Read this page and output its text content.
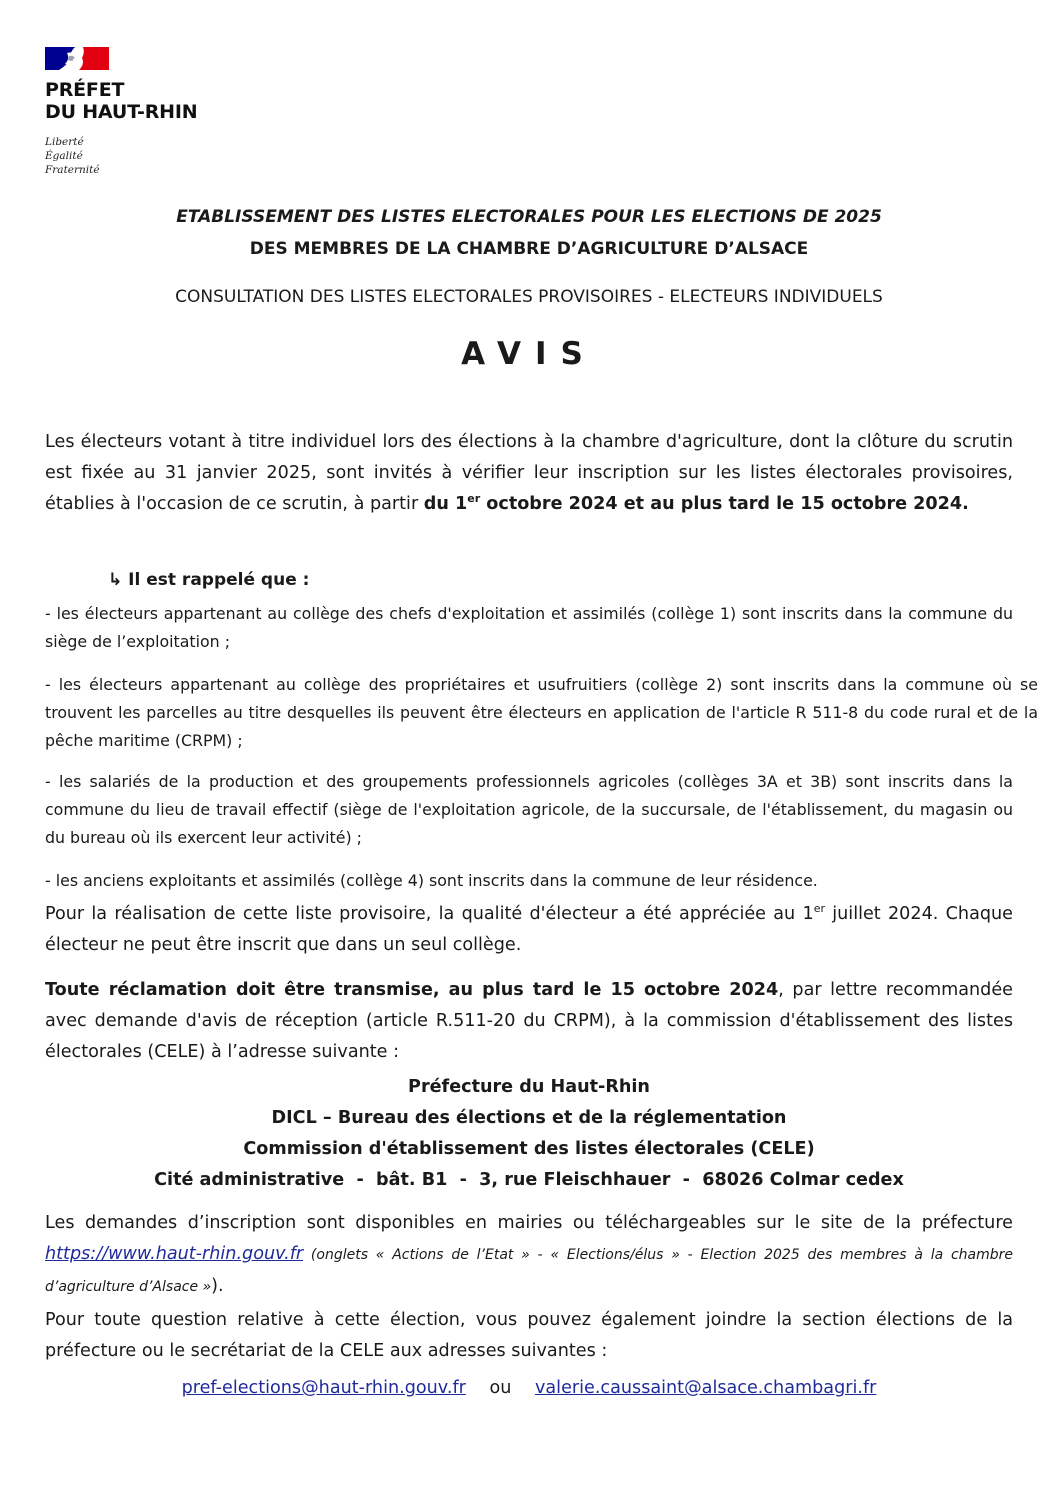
PRÉFET
DU HAUT-RHIN
Liberté
Égalité
Fraternité
ETABLISSEMENT DES LISTES ELECTORALES POUR LES ELECTIONS DE 2025
DES MEMBRES DE LA CHAMBRE D’AGRICULTURE D’ALSACE
CONSULTATION DES LISTES ELECTORALES PROVISOIRES - ELECTEURS INDIVIDUELS
AVIS
Les électeurs votant à titre individuel lors des élections à la chambre d'agriculture, dont la clôture du scrutin est fixée au 31 janvier 2025, sont invités à vérifier leur inscription sur les listes électorales provisoires, établies à l'occasion de ce scrutin, à partir du 1er octobre 2024 et au plus tard le 15 octobre 2024.
↳ Il est rappelé que :
- les électeurs appartenant au collège des chefs d'exploitation et assimilés (collège 1) sont inscrits dans la commune du siège de l’exploitation ;
- les électeurs appartenant au collège des propriétaires et usufruitiers (collège 2) sont inscrits dans la commune où se trouvent les parcelles au titre desquelles ils peuvent être électeurs en application de l'article R 511-8 du code rural et de la pêche maritime (CRPM) ;
- les salariés de la production et des groupements professionnels agricoles (collèges 3A et 3B) sont inscrits dans la commune du lieu de travail effectif (siège de l'exploitation agricole, de la succursale, de l'établissement, du magasin ou du bureau où ils exercent leur activité) ;
- les anciens exploitants et assimilés (collège 4) sont inscrits dans la commune de leur résidence.
Pour la réalisation de cette liste provisoire, la qualité d'électeur a été appréciée au 1er juillet 2024. Chaque électeur ne peut être inscrit que dans un seul collège.
Toute réclamation doit être transmise, au plus tard le 15 octobre 2024, par lettre recommandée avec demande d'avis de réception (article R.511-20 du CRPM), à la commission d'établissement des listes électorales (CELE) à l’adresse suivante :
Préfecture du Haut-Rhin
DICL – Bureau des élections et de la réglementation
Commission d'établissement des listes électorales (CELE)
Cité administrative  -  bât. B1  -  3, rue Fleischhauer  -  68026 Colmar cedex
Les demandes d’inscription sont disponibles en mairies ou téléchargeables sur le site de la préfecture https://www.haut-rhin.gouv.fr (onglets « Actions de l’Etat » - « Elections/élus » - Election 2025 des membres à la chambre d’agriculture d’Alsace »).
Pour toute question relative à cette élection, vous pouvez également joindre la section élections de la préfecture ou le secrétariat de la CELE aux adresses suivantes :
pref-elections@haut-rhin.gouv.fr ou valerie.caussaint@alsace.chambagri.fr
